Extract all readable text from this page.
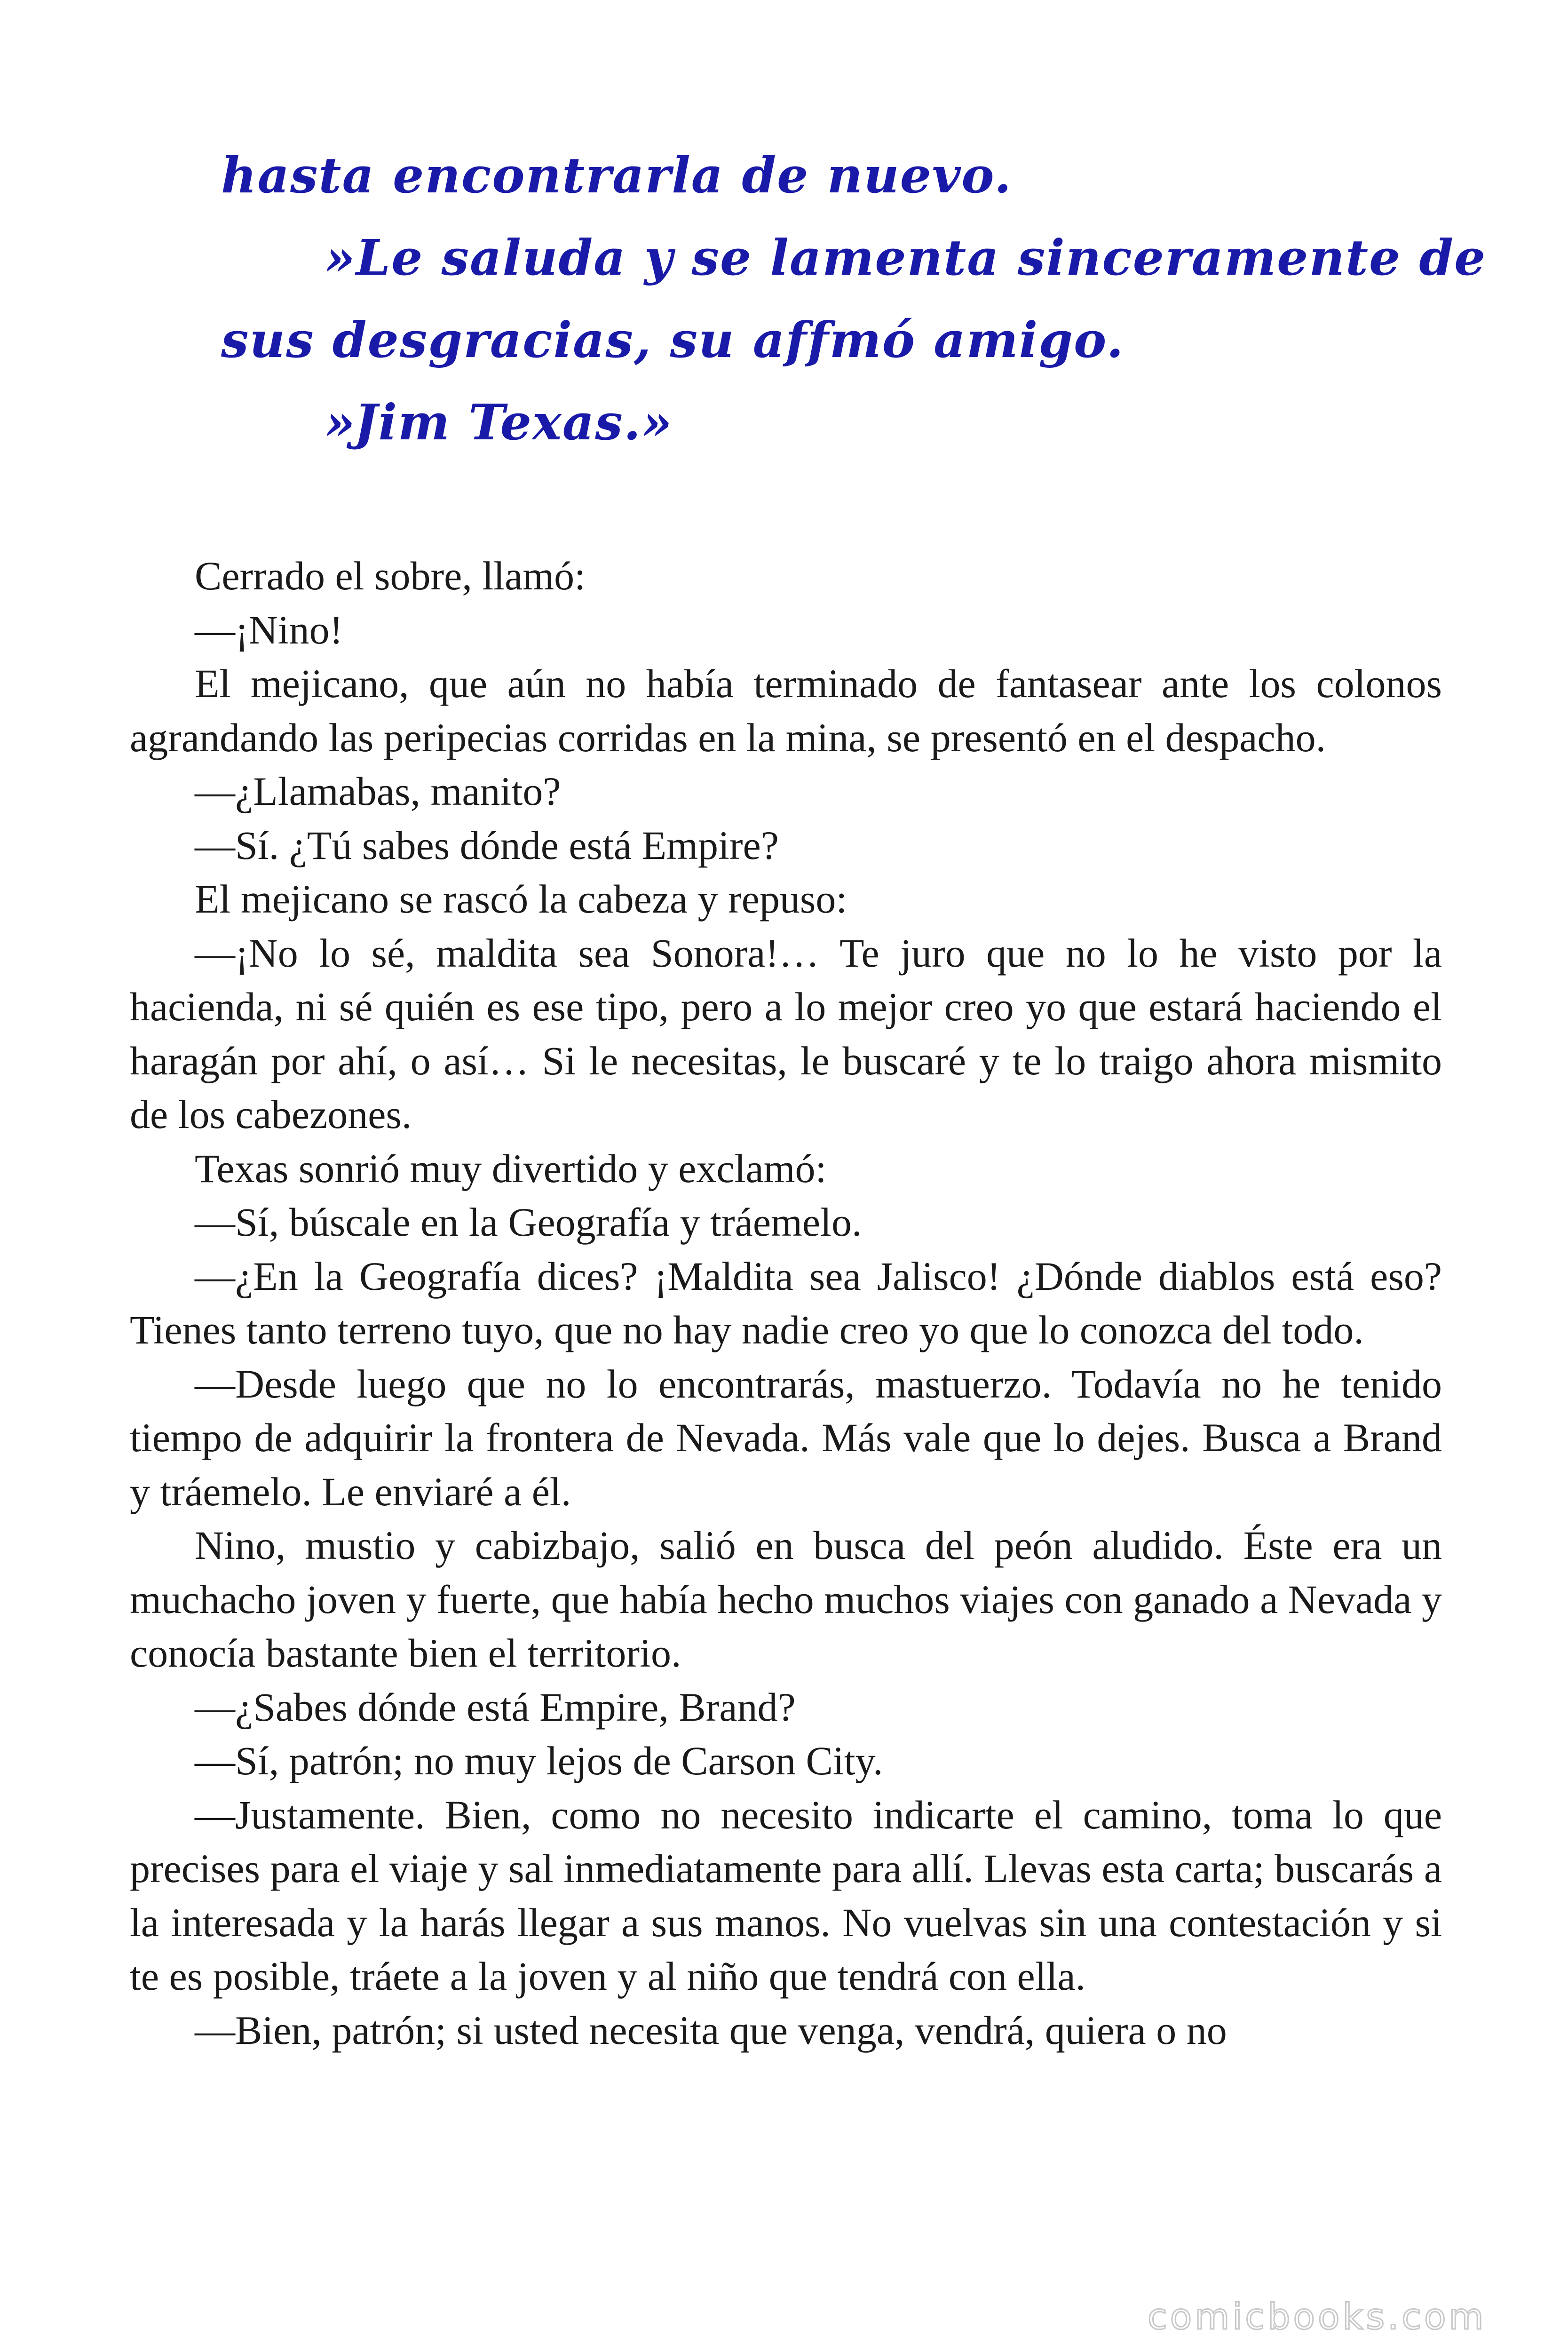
hasta encontrarla de nuevo.

»Le saluda y se lamenta sinceramente de

sus desgracias, su affmó amigo.

»Jim Texas.»

Cerrado el sobre, llamó:

—¡Nino!

El mejicano, que aún no había terminado de fantasear ante los colonos agrandando las peripecias corridas en la mina, se presentó en el despacho.

—¿Llamabas, manito?

—Sí. ¿Tú sabes dónde está Empire?

El mejicano se rascó la cabeza y repuso:

—¡No lo sé, maldita sea Sonora!… Te juro que no lo he visto por la hacienda, ni sé quién es ese tipo, pero a lo mejor creo yo que estará haciendo el haragán por ahí, o así… Si le necesitas, le buscaré y te lo traigo ahora mismito de los cabezones.

Texas sonrió muy divertido y exclamó:

—Sí, búscale en la Geografía y tráemelo.

—¿En la Geografía dices? ¡Maldita sea Jalisco! ¿Dónde diablos está eso? Tienes tanto terreno tuyo, que no hay nadie creo yo que lo conozca del todo.

—Desde luego que no lo encontrarás, mastuerzo. Todavía no he tenido tiempo de adquirir la frontera de Nevada. Más vale que lo dejes. Busca a Brand y tráemelo. Le enviaré a él.

Nino, mustio y cabizbajo, salió en busca del peón aludido. Éste era un muchacho joven y fuerte, que había hecho muchos viajes con ganado a Nevada y conocía bastante bien el territorio.

—¿Sabes dónde está Empire, Brand?

—Sí, patrón; no muy lejos de Carson City.

—Justamente. Bien, como no necesito indicarte el camino, toma lo que precises para el viaje y sal inmediatamente para allí. Llevas esta carta; buscarás a la interesada y la harás llegar a sus manos. No vuelvas sin una contestación y si te es posible, tráete a la joven y al niño que tendrá con ella.

—Bien, patrón; si usted necesita que venga, vendrá, quiera o no

comicbooks.com
